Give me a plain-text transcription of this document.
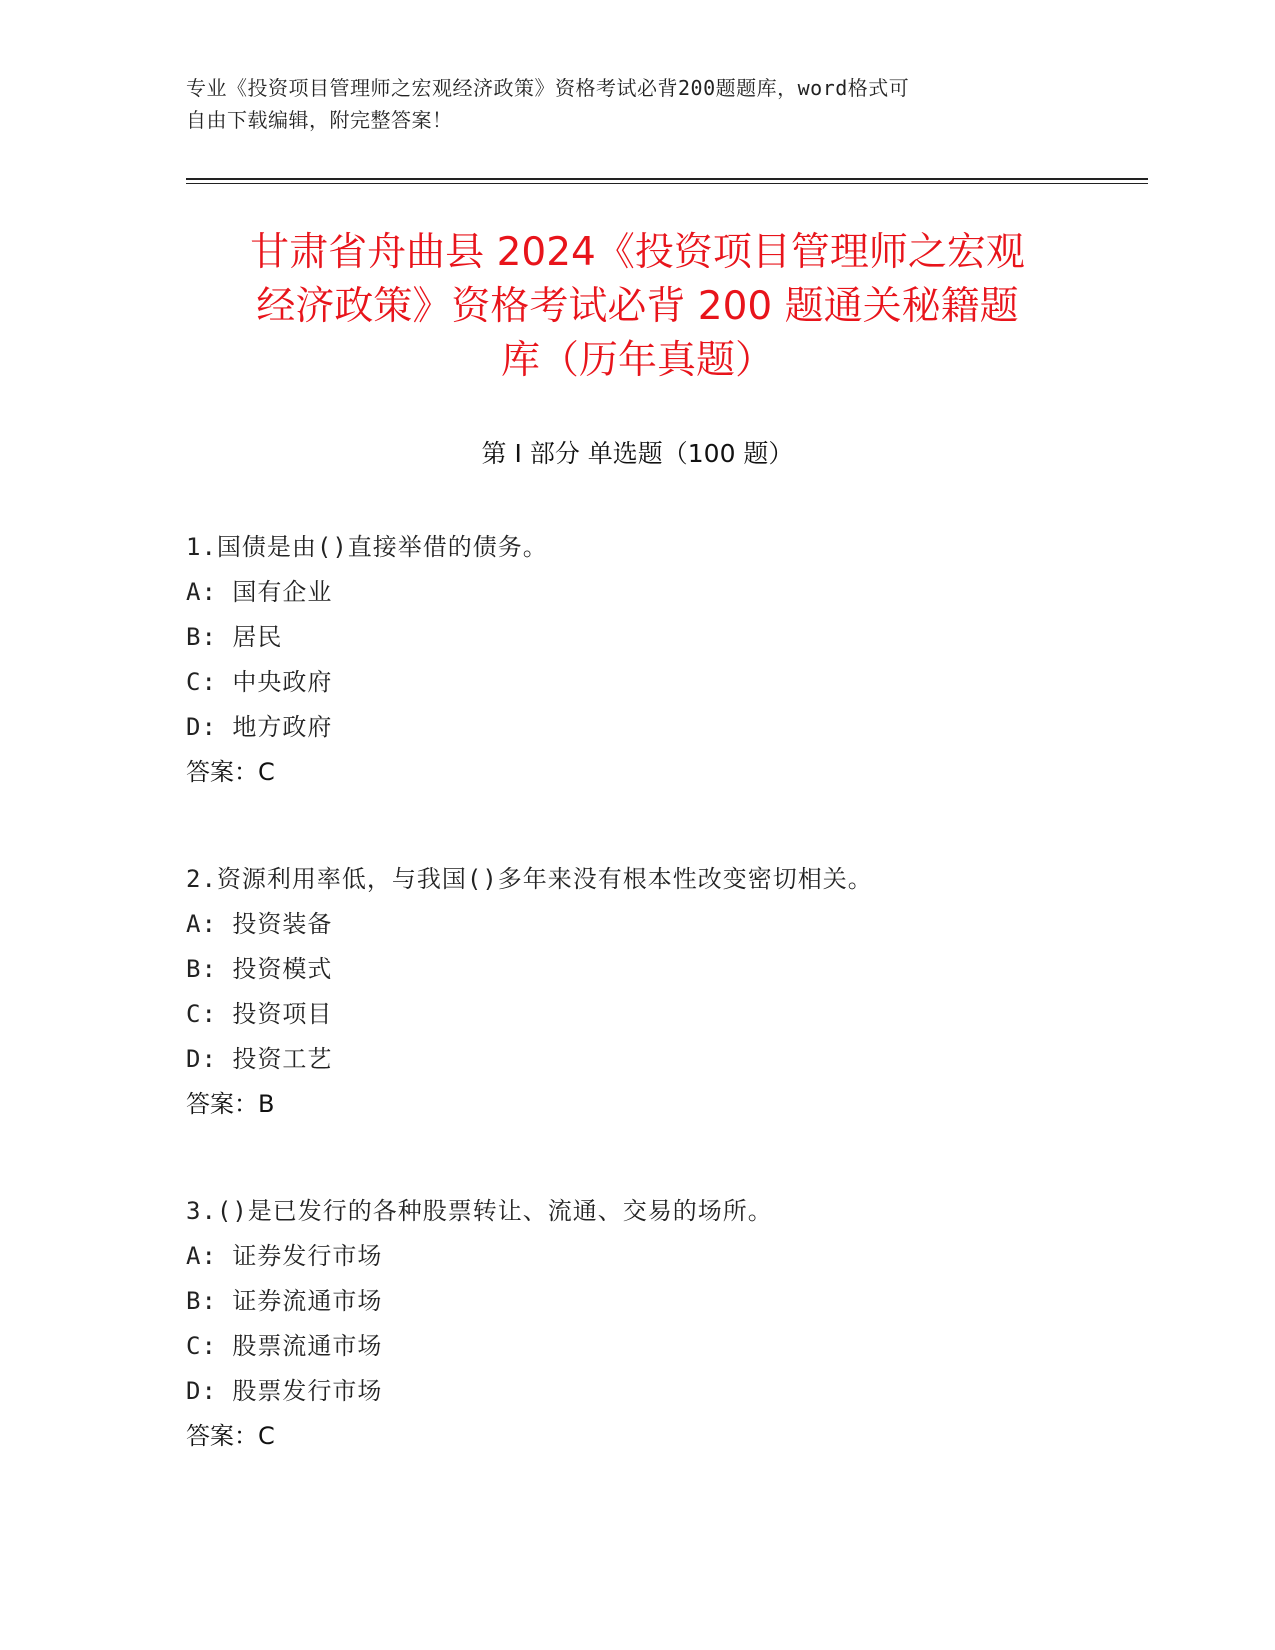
专业《投资项目管理师之宏观经济政策》资格考试必背200题题库，word格式可
自由下载编辑，附完整答案！
甘肃省舟曲县 2024《投资项目管理师之宏观
经济政策》资格考试必背 200 题通关秘籍题
库（历年真题）
第 I 部分 单选题（100 题）
1.国债是由()直接举借的债务。
A: 国有企业
B: 居民
C: 中央政府
D: 地方政府
答案：C
2.资源利用率低，与我国()多年来没有根本性改变密切相关。
A: 投资装备
B: 投资模式
C: 投资项目
D: 投资工艺
答案：B
3.()是已发行的各种股票转让、流通、交易的场所。
A: 证券发行市场
B: 证券流通市场
C: 股票流通市场
D: 股票发行市场
答案：C
